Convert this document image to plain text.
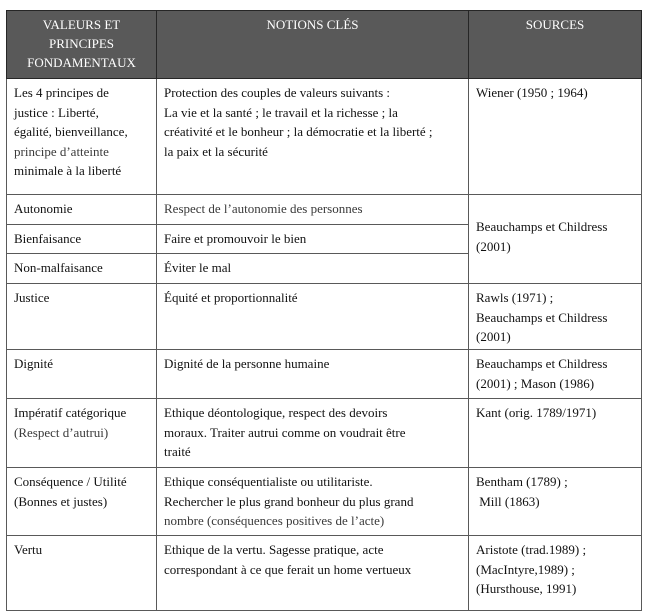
VALEURS ET
PRINCIPES
FONDAMENTAUX	NOTIONS CLÉS	SOURCES

Les 4 principes de
justice : Liberté,
égalité, bienveillance,
principe d’atteinte
minimale à la liberté	Protection des couples de valeurs suivants :
La vie et la santé ; le travail et la richesse ; la
créativité et le bonheur ; la démocratie et la liberté ;
la paix et la sécurité	Wiener (1950 ; 1964)

Autonomie	Respect de l’autonomie des personnes	Beauchamps et Childress
(2001)

Bienfaisance	Faire et promouvoir le bien	

Non-malfaisance	Éviter le mal	

Justice	Équité et proportionnalité	Rawls (1971) ;
Beauchamps et Childress
(2001)

Dignité	Dignité de la personne humaine	Beauchamps et Childress
(2001) ; Mason (1986)

Impératif catégorique
(Respect d’autrui)	Ethique déontologique, respect des devoirs
moraux. Traiter autrui comme on voudrait être
traité	Kant (orig. 1789/1971)

Conséquence / Utilité
(Bonnes et justes)	Ethique conséquentialiste ou utilitariste.
Rechercher le plus grand bonheur du plus grand
nombre (conséquences positives de l’acte)	Bentham (1789) ;
Mill (1863)

Vertu	Ethique de la vertu. Sagesse pratique, acte
correspondant à ce que ferait un home vertueux	Aristote (trad.1989) ;
(MacIntyre,1989) ;
(Hursthouse, 1991)
